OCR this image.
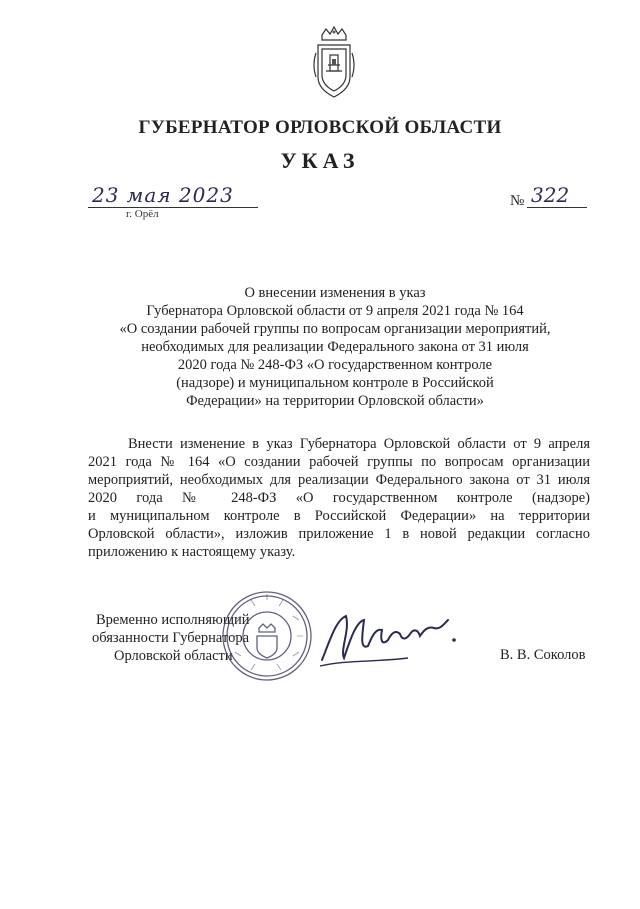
ГУБЕРНАТОР ОРЛОВСКОЙ ОБЛАСТИ
УКАЗ
23 мая 2023
г. Орёл
№ 322
О внесении изменения в указ
Губернатора Орловской области от 9 апреля 2021 года № 164
«О создании рабочей группы по вопросам организации мероприятий,
необходимых для реализации Федерального закона от 31 июля
2020 года № 248-ФЗ «О государственном контроле
(надзоре) и муниципальном контроле в Российской
Федерации» на территории Орловской области»
Внести изменение в указ Губернатора Орловской области от 9 апреля
2021 года № 164 «О создании рабочей группы по вопросам организации
мероприятий, необходимых для реализации Федерального закона от 31 июля
2020 года № 248-ФЗ «О государственном контроле (надзоре)
и муниципальном контроле в Российской Федерации» на территории
Орловской области», изложив приложение 1 в новой редакции согласно
приложению к настоящему указу.
Временно исполняющий
обязанности Губернатора
Орловской области	В. В. Соколов
